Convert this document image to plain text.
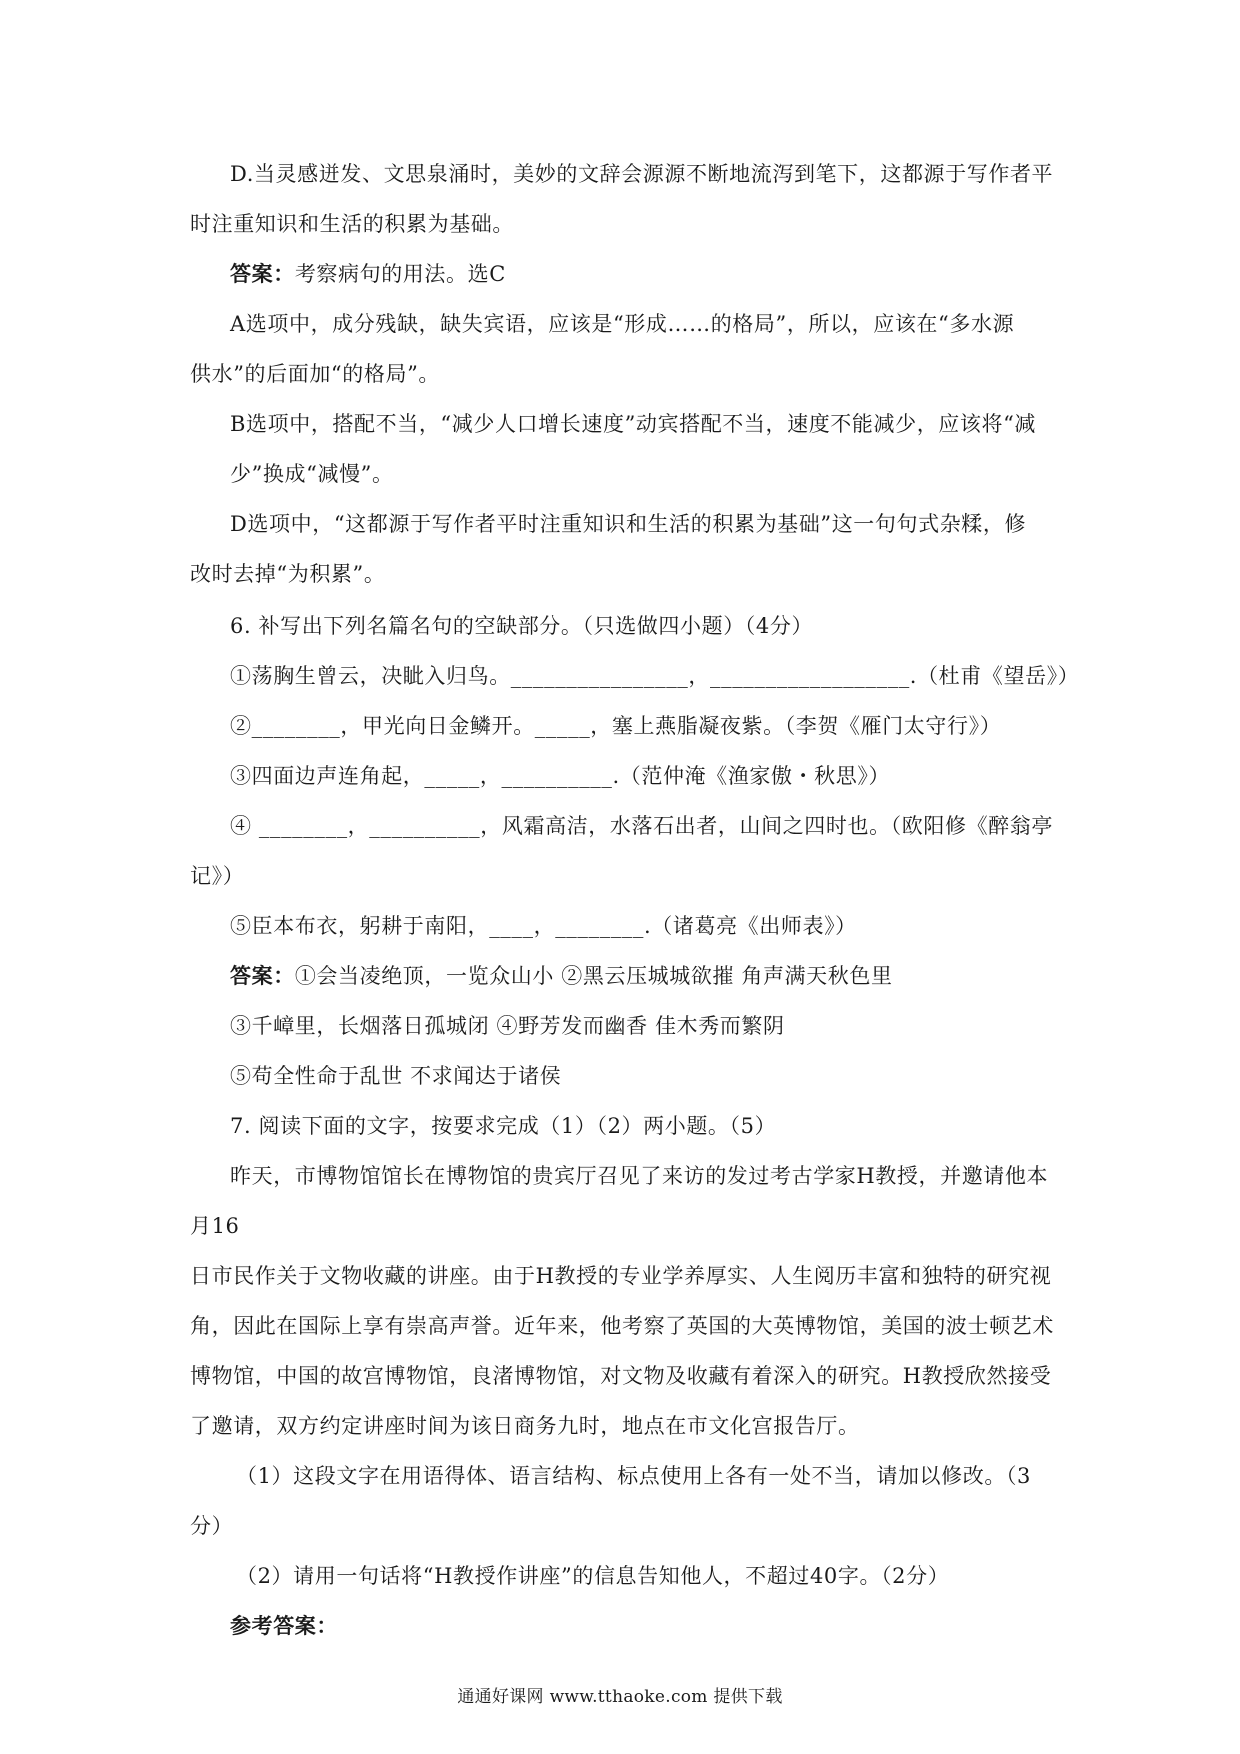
D.当灵感迸发、文思泉涌时，美妙的文辞会源源不断地流泻到笔下，这都源于写作者平
时注重知识和生活的积累为基础。
答案：考察病句的用法。选C
A选项中，成分残缺，缺失宾语，应该是“形成……的格局”，所以，应该在“多水源
供水”的后面加“的格局”。
B选项中，搭配不当，“减少人口增长速度”动宾搭配不当，速度不能减少，应该将“减
少”换成“减慢”。
D选项中，“这都源于写作者平时注重知识和生活的积累为基础”这一句句式杂糅，修
改时去掉“为积累”。
6. 补写出下列名篇名句的空缺部分。（只选做四小题）（4分）
①荡胸生曾云，决眦入归鸟。________________，__________________.（杜甫《望岳》）
②________，甲光向日金鳞开。_____，塞上燕脂凝夜紫。（李贺《雁门太守行》）
③四面边声连角起，_____，__________.（范仲淹《渔家傲・秋思》）
④ ________，__________，风霜高洁，水落石出者，山间之四时也。（欧阳修《醉翁亭
记》）
⑤臣本布衣，躬耕于南阳，____，________.（诸葛亮《出师表》）
答案：①会当凌绝顶，一览众山小 ②黑云压城城欲摧 角声满天秋色里
③千嶂里，长烟落日孤城闭 ④野芳发而幽香 佳木秀而繁阴
⑤苟全性命于乱世 不求闻达于诸侯
7. 阅读下面的文字，按要求完成（1）（2）两小题。（5）
昨天，市博物馆馆长在博物馆的贵宾厅召见了来访的发过考古学家H教授，并邀请他本
月16
日市民作关于文物收藏的讲座。由于H教授的专业学养厚实、人生阅历丰富和独特的研究视
角，因此在国际上享有崇高声誉。近年来，他考察了英国的大英博物馆，美国的波士顿艺术
博物馆，中国的故宫博物馆，良渚博物馆，对文物及收藏有着深入的研究。H教授欣然接受
了邀请，双方约定讲座时间为该日商务九时，地点在市文化宫报告厅。
（1）这段文字在用语得体、语言结构、标点使用上各有一处不当，请加以修改。（3
分）
（2）请用一句话将“H教授作讲座”的信息告知他人，不超过40字。（2分）
参考答案：
通通好课网 www.tthaoke.com 提供下载
